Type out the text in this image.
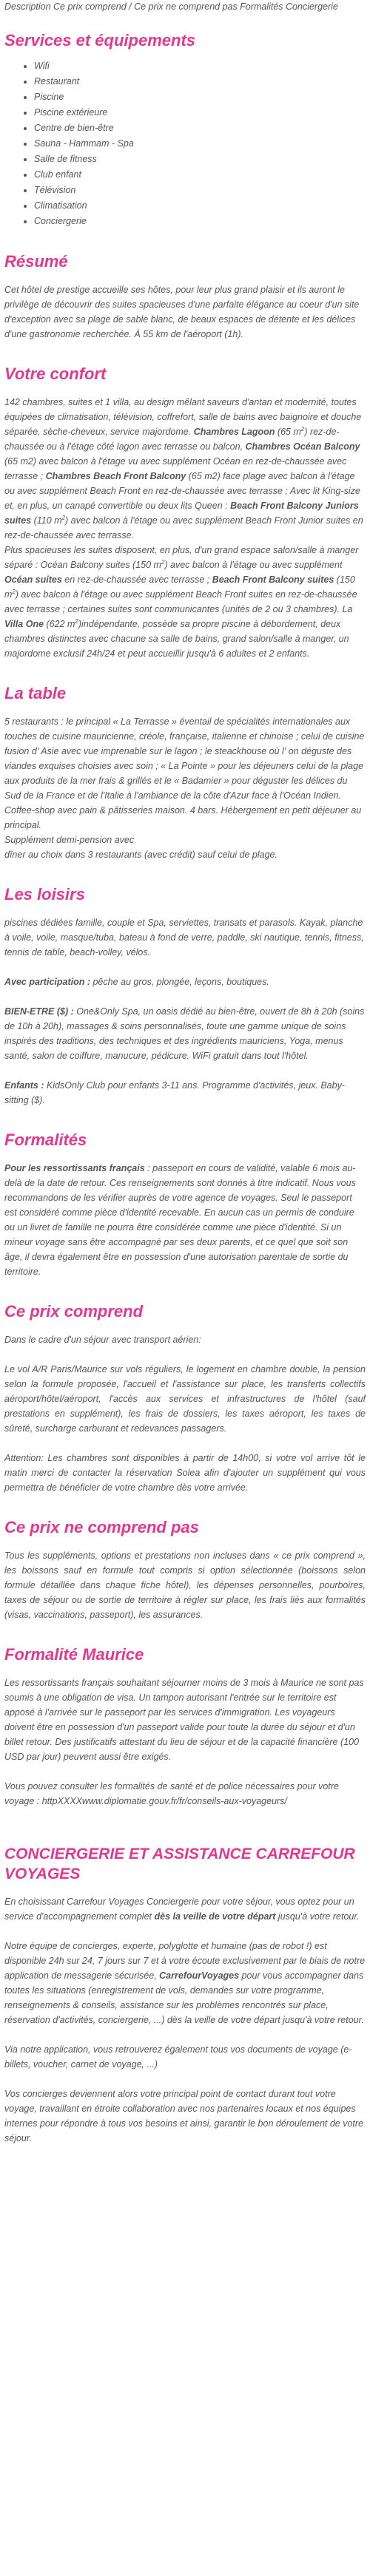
Description Ce prix comprend / Ce prix ne comprend pas Formalités Conciergerie

Services et équipements
• Wifi
• Restaurant
• Piscine
• Piscine extérieure
• Centre de bien-être
• Sauna - Hammam - Spa
• Salle de fitness
• Club enfant
• Télévision
• Climatisation
• Conciergerie
Résumé

Cet hôtel de prestige accueille ses hôtes, pour leur plus grand plaisir et ils auront le privilège de découvrir des suites spacieuses d'une parfaite élégance au coeur d'un site d'exception avec sa plage de sable blanc, de beaux espaces de détente et les délices d'une gastronomie recherchée. À 55 km de l'aéroport (1h).

Votre confort

142 chambres, suites et 1 villa, au design mêlant saveurs d'antan et modernité, toutes équipées de climatisation, télévision, coffrefort, salle de bains avec baignoire et douche séparée, sèche-cheveux, service majordome. Chambres Lagoon (65 $m^2$) rez-de-chaussée ou à l'étage côté lagon avec terrasse ou balcon, Chambres Océan Balcony (65 m2) avec balcon à l'étage vu avec supplément Océan en rez-de-chaussée avec terrasse ; Chambres Beach Front Balcony (65 m2) face plage avec balcon à l'étage ou avec supplément Beach Front en rez-de-chaussée avec terrasse ; Avec lit King-size et, en plus, un canapé convertible ou deux lits Queen : Beach Front Balcony Juniors suites (110 $m^2$) avec balcon à l'étage ou avec supplément Beach Front Junior suites en rez-de-chaussée avec terrasse.

Plus spacieuses les suites disposent, en plus, d'un grand espace salon/salle à manger séparé : Océan Balcony suites (150 $m^2$) avec balcon à l'étage ou avec supplément Océan suites en rez-de-chaussée avec terrasse ; Beach Front Balcony suites (150 $m^2$) avec balcon à l'étage ou avec supplément Beach Front suites en rez-de-chaussée avec terrasse ; certaines suites sont communicantes (unités de 2 ou 3 chambres). La Villa One (622 $m^2)indépendante$, possède sa propre piscine à débordement, deux chambres distinctes avec chacune sa salle de bains, grand salon/salle à manger, un majordome exclusif 24h/24 et peut accueillir jusqu'à 6 adultes et 2 enfants.

La table

5 restaurants : le principal « La Terrasse » éventail de spécialités internationales aux touches de cuisine mauricienne, créole, française, italienne et chinoise ; celui de cuisine fusion d' Asie avec vue imprenable sur le lagon ; le steackhouse où l' on déguste des viandes exquises choisies avec soin ; « La Pointe » pour les déjeuners celui de la plage aux produits de la mer frais & grillés et le « Badamier » pour déguster les délices du Sud de la France et de l'Italie à l'ambiance de la côte d'Azur face à l'Océan Indien. Coffee-shop avec pain & pâtisseries maison. 4 bars. Hébergement en petit déjeuner au principal.

Supplément demi-pension avec

dîner au choix dans 3 restaurants (avec crédit) sauf celui de plage.

Les loisirs

piscines dédiées famille, couple et Spa, serviettes, transats et parasols. Kayak, planche à voile, voile, masque/tuba, bateau à fond de verre, paddle, ski nautique, tennis, fitness, tennis de table, beach-volley, vélos.

Avec participation : pêche au gros, plongée, leçons, boutiques.

BIEN-ETRE ($) : One&Only Spa, un oasis dédié au bien-être, ouvert de 8h à 20h (soins de 10h à 20h), massages & soins personnalisés, toute une gamme unique de soins inspirés des traditions, des techniques et des ingrédients mauriciens, Yoga, menus santé, salon de coiffure, manucure, pédicure. WiFi gratuit dans tout l'hôtel.

Enfants : KidsOnly Club pour enfants 3-11 ans. Programme d'activités, jeux. Baby-sitting ($).

Formalités

Pour les ressortissants français : passeport en cours de validité, valable 6 mois au-delà de la date de retour. Ces renseignements sont donnés à titre indicatif. Nous vous recommandons de les vérifier auprès de votre agence de voyages. Seul le passeport est considéré comme pièce d'identité recevable. En aucun cas un permis de conduire ou un livret de famille ne pourra être considérée comme une pièce d'identité. Si un mineur voyage sans être accompagné par ses deux parents, et ce quel que soit son âge, il devra également être en possession d'une autorisation parentale de sortie du territoire.

Ce prix comprend

Dans le cadre d'un séjour avec transport aérien:

Le vol A/R Paris/Maurice sur vols réguliers, le logement en chambre double, la pension selon la formule proposée, l'accueil et l'assistance sur place, les transferts collectifs aéroport/hôtel/aéroport, l'accès aux services et infrastructures de l'hôtel (sauf prestations en supplément), les frais de dossiers, les taxes aéroport, les taxes de sûreté, surcharge carburant et redevances passagers.

Attention: Les chambres sont disponibles à partir de 14h00, si votre vol arrive tôt le matin merci de contacter la réservation Solea afin d'ajouter un supplément qui vous permettra de bénéficier de votre chambre dès votre arrivée.

Ce prix ne comprend pas

Tous les suppléments, options et prestations non incluses dans « ce prix comprend », les boissons sauf en formule tout compris si option sélectionnée (boissons selon formule détaillée dans chaque fiche hôtel), les dépenses personnelles, pourboires, taxes de séjour ou de sortie de territoire à régler sur place, les frais liés aux formalités (visas, vaccinations, passeport), les assurances.

Formalité Maurice

Les ressortissants français souhaitant séjourner moins de 3 mois à Maurice ne sont pas soumis à une obligation de visa. Un tampon autorisant l'entrée sur le territoire est apposé à l'arrivée sur le passeport par les services d'immigration. Les voyageurs doivent être en possession d'un passeport valide pour toute la durée du séjour et d'un billet retour. Des justificatifs attestant du lieu de séjour et de la capacité financière (100 USD par jour) peuvent aussi être exigés.

Vous pouvez consulter les formalités de santé et de police nécessaires pour votre voyage : httpXXXXwww.diplomatie.gouv.fr/fr/conseils-aux-voyageurs/

CONCIERGERIE ET ASSISTANCE CARREFOUR VOYAGES

En choisissant Carrefour Voyages Conciergerie pour votre séjour, vous optez pour un service d'accompagnement complet dès la veille de votre départ jusqu'à votre retour.

Notre équipe de concierges, experte, polyglotte et humaine (pas de robot !) est disponible 24h sur 24, 7 jours sur 7 et à votre écoute exclusivement par le biais de notre application de messagerie sécurisée, CarrefourVoyages pour vous accompagner dans toutes les situations (enregistrement de vols, demandes sur votre programme, renseignements & conseils, assistance sur les problèmes rencontrés sur place, réservation d'activités, conciergerie, ...) dès la veille de votre départ jusqu'à votre retour.

Via notre application, vous retrouverez également tous vos documents de voyage (e-billets, voucher, carnet de voyage, ...)

Vos concierges deviennent alors votre principal point de contact durant tout votre voyage, travaillant en étroite collaboration avec nos partenaires locaux et nos équipes internes pour répondre à tous vos besoins et ainsi, garantir le bon déroulement de votre séjour.
